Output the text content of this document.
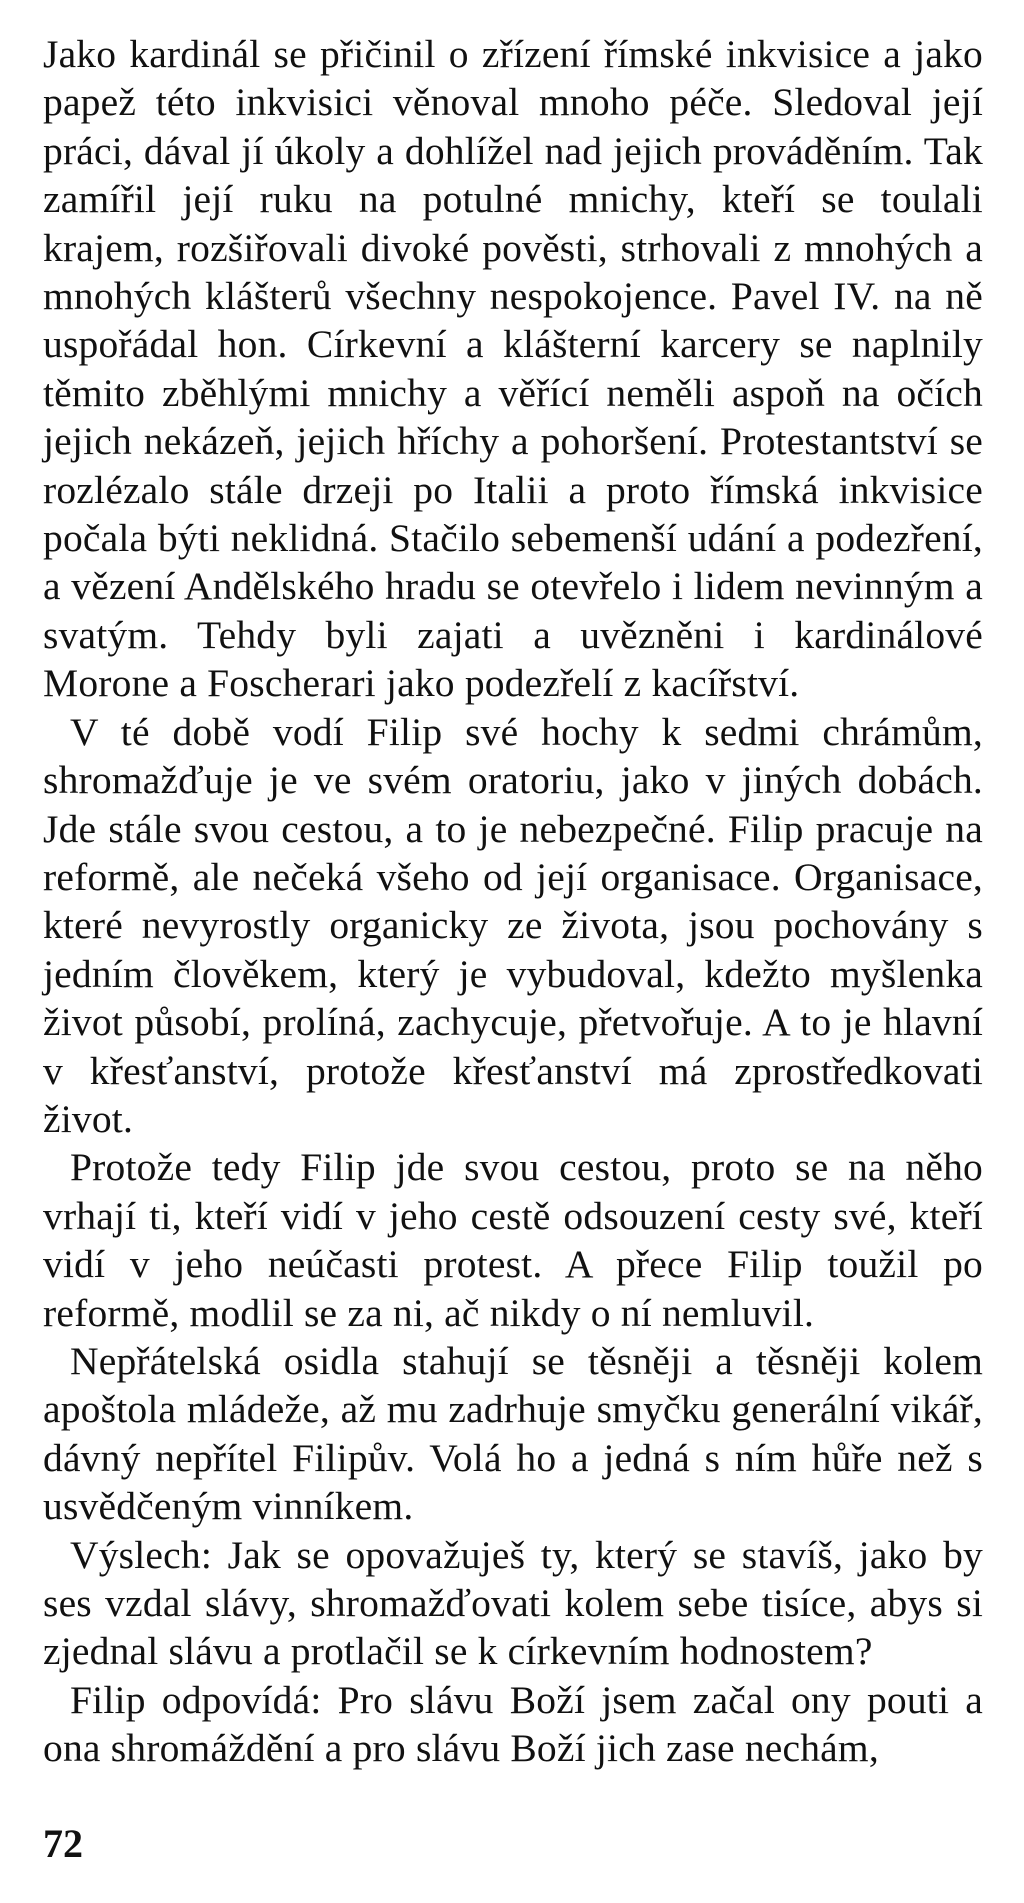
Jako kardinál se přičinil o zřízení římské inkvisice a jako papež této inkvisici věnoval mnoho péče. Sledoval její práci, dával jí úkoly a dohlížel nad jejich prováděním. Tak zamířil její ruku na potulné mnichy, kteří se toulali krajem, rozšiřovali divoké pověsti, strhovali z mnohých a mnohých klášterů všechny nespokojence. Pavel IV. na ně uspořádal hon. Církevní a klášterní karcery se naplnily těmito zběhlými mnichy a věřící neměli aspoň na očích jejich nekázeň, jejich hříchy a pohoršení. Protestantství se rozlézalo stále drzeji po Italii a proto římská inkvisice počala býti neklidná. Stačilo sebemenší udání a podezření, a vězení Andělského hradu se otevřelo i lidem nevinným a svatým. Tehdy byli zajati a uvězněni i kardinálové Morone a Foscherari jako podezřelí z kacířství.

V té době vodí Filip své hochy k sedmi chrámům, shromažďuje je ve svém oratoriu, jako v jiných dobách. Jde stále svou cestou, a to je nebezpečné. Filip pracuje na reformě, ale nečeká všeho od její organisace. Organisace, které nevyrostly organicky ze života, jsou pochovány s jedním člověkem, který je vybudoval, kdežto myšlenka život působí, prolíná, zachycuje, přetvořuje. A to je hlavní v křesťanství, protože křesťanství má zprostředkovati život.

Protože tedy Filip jde svou cestou, proto se na něho vrhají ti, kteří vidí v jeho cestě odsouzení cesty své, kteří vidí v jeho neúčasti protest. A přece Filip toužil po reformě, modlil se za ni, ač nikdy o ní nemluvil.

Nepřátelská osidla stahují se těsněji a těsněji kolem apoštola mládeže, až mu zadrhuje smyčku generální vikář, dávný nepřítel Filipův. Volá ho a jedná s ním hůře než s usvědčeným vinníkem.

Výslech: Jak se opovažuješ ty, který se stavíš, jako by ses vzdal slávy, shromažďovati kolem sebe tisíce, abys si zjednal slávu a protlačil se k církevním hodnostem?

Filip odpovídá: Pro slávu Boží jsem začal ony pouti a ona shromáždění a pro slávu Boží jich zase nechám,

72
